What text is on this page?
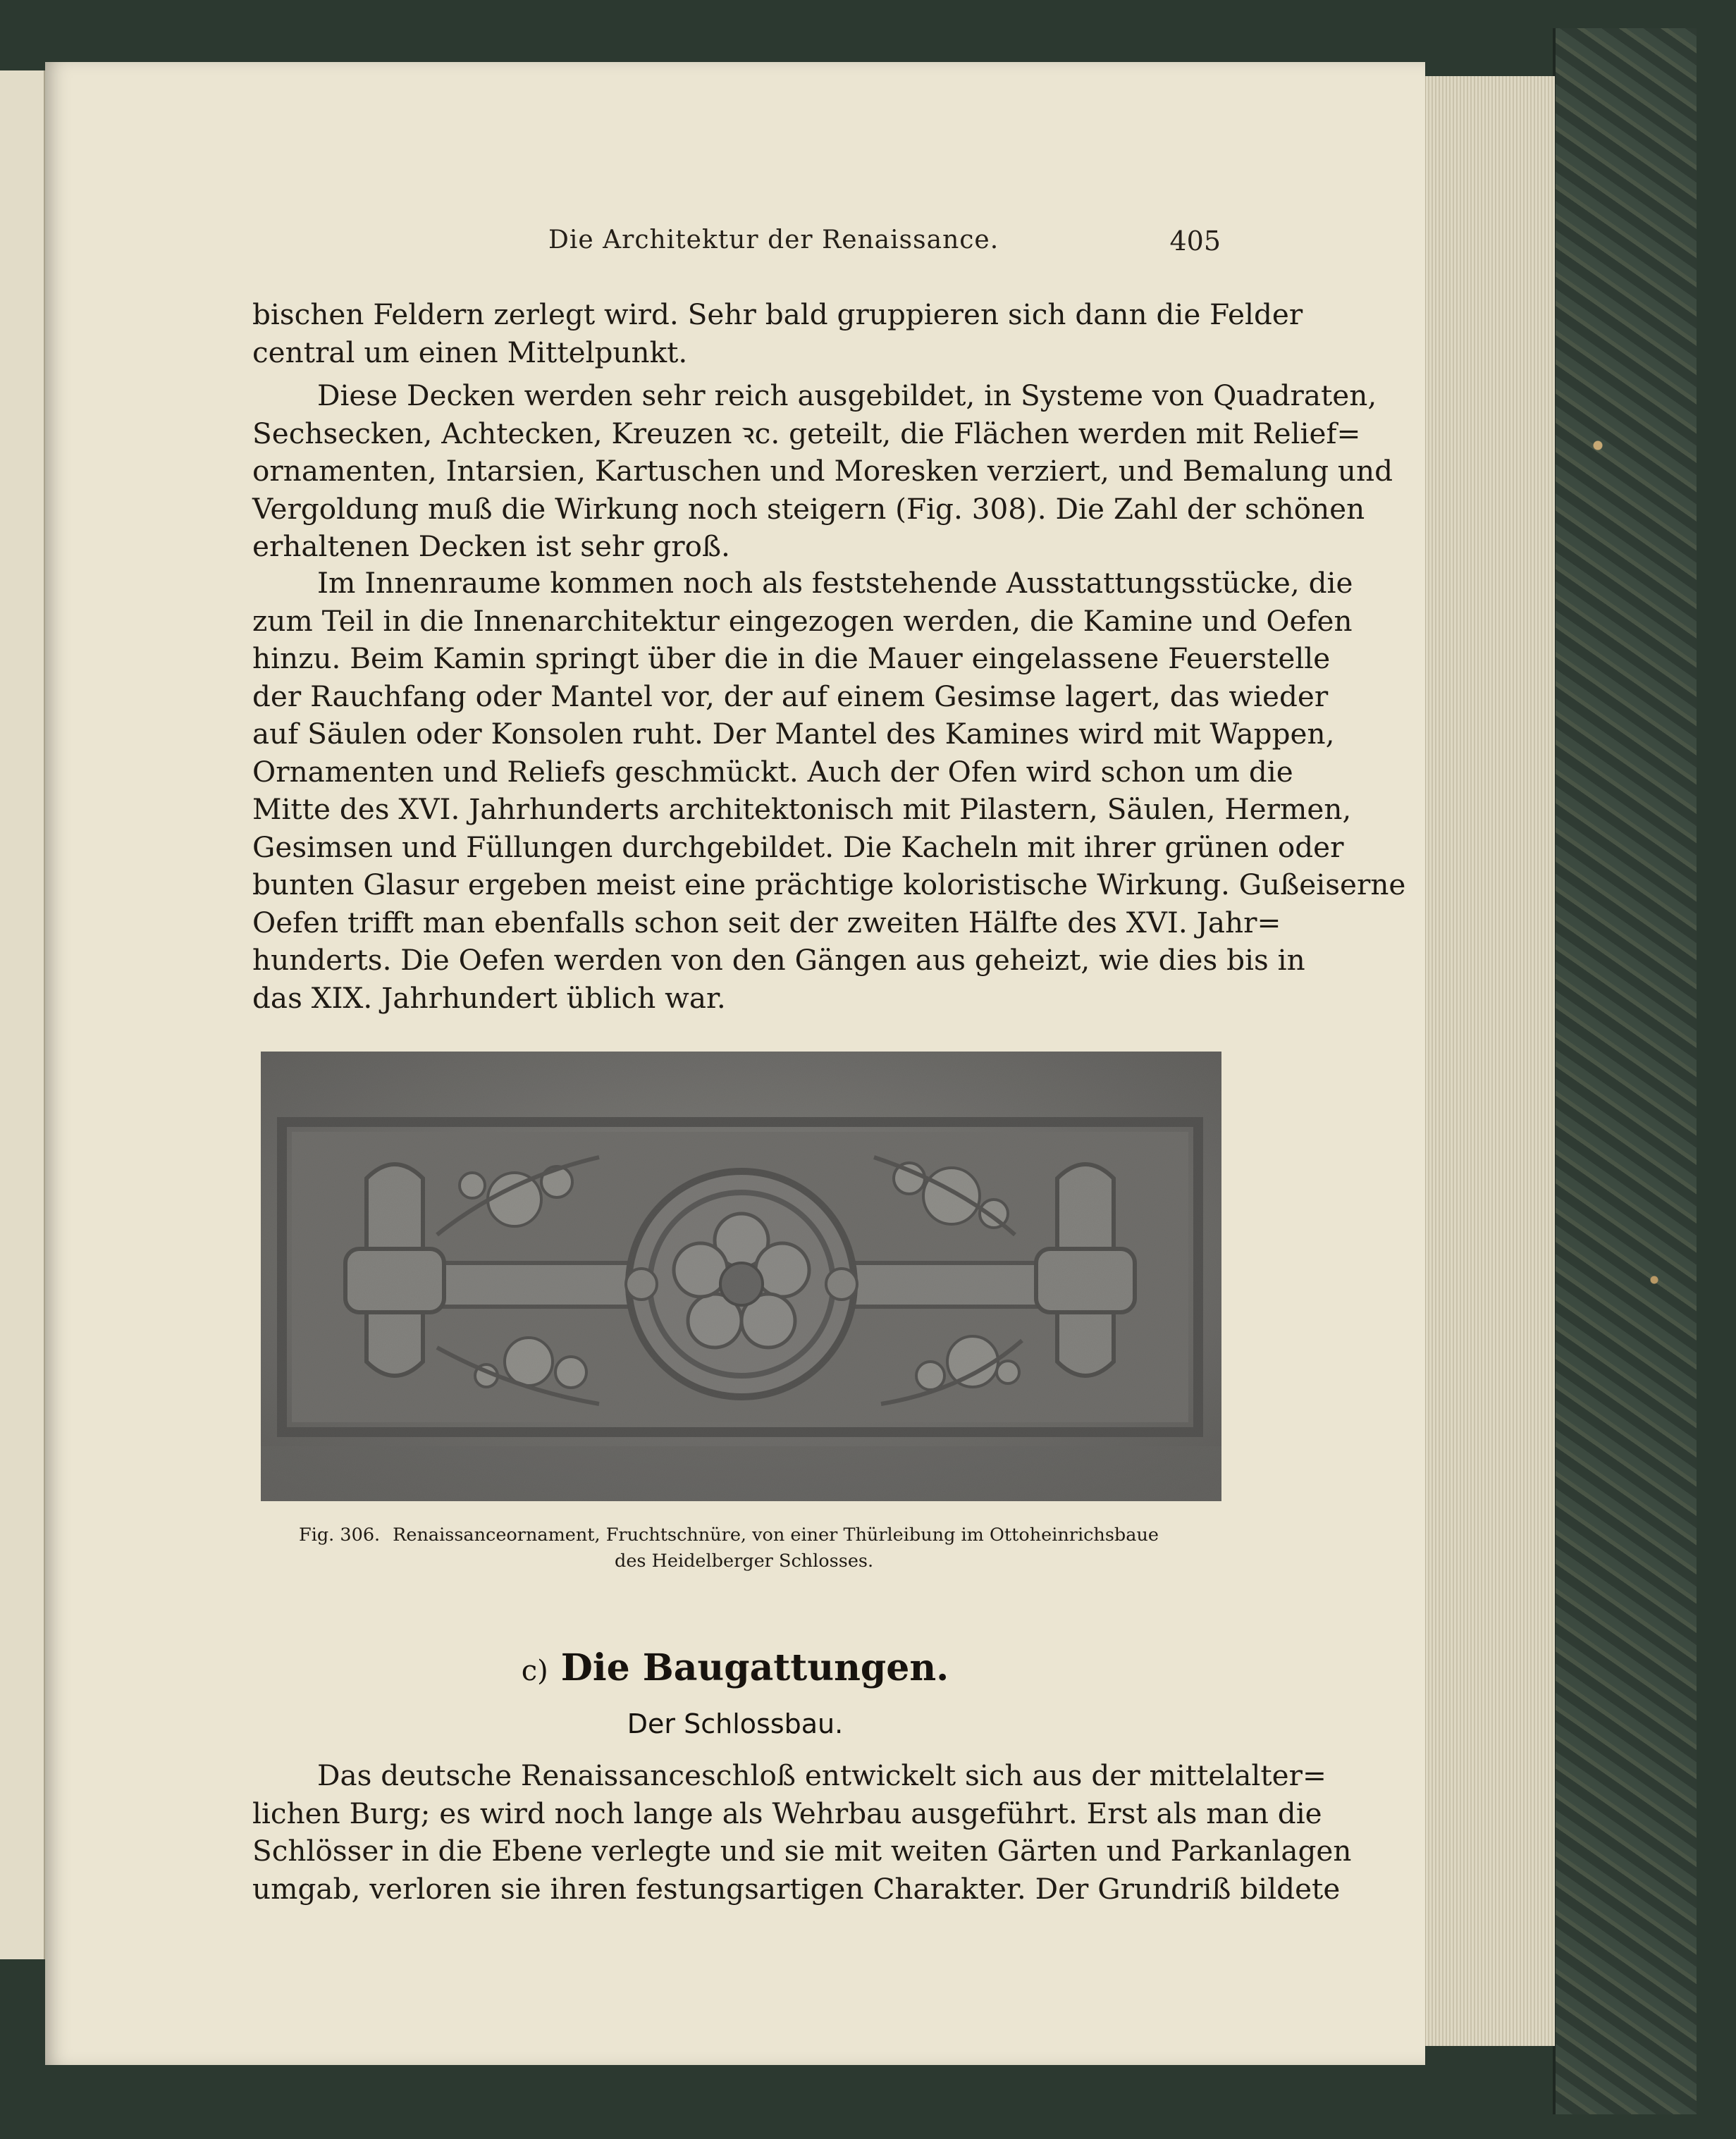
Die Architektur der Renaissance.	405
bischen Feldern zerlegt wird. Sehr bald gruppieren sich dann die Felder
central um einen Mittelpunkt.
Diese Decken werden sehr reich ausgebildet, in Systeme von Quadraten,
Sechsecken, Achtecken, Kreuzen ꝛc. geteilt, die Flächen werden mit Relief=
ornamenten, Intarsien, Kartuschen und Moresken verziert, und Bemalung und
Vergoldung muß die Wirkung noch steigern (Fig. 308). Die Zahl der schönen
erhaltenen Decken ist sehr groß.
Im Innenraume kommen noch als feststehende Ausstattungsstücke, die
zum Teil in die Innenarchitektur eingezogen werden, die Kamine und Oefen
hinzu. Beim Kamin springt über die in die Mauer eingelassene Feuerstelle
der Rauchfang oder Mantel vor, der auf einem Gesimse lagert, das wieder
auf Säulen oder Konsolen ruht. Der Mantel des Kamines wird mit Wappen,
Ornamenten und Reliefs geschmückt. Auch der Ofen wird schon um die
Mitte des XVI. Jahrhunderts architektonisch mit Pilastern, Säulen, Hermen,
Gesimsen und Füllungen durchgebildet. Die Kacheln mit ihrer grünen oder
bunten Glasur ergeben meist eine prächtige koloristische Wirkung. Gußeiserne
Oefen trifft man ebenfalls schon seit der zweiten Hälfte des XVI. Jahr=
hunderts. Die Oefen werden von den Gängen aus geheizt, wie dies bis in
das XIX. Jahrhundert üblich war.
Fig. 306. Renaissanceornament, Fruchtschnüre, von einer Thürleibung im Ottoheinrichsbaue
des Heidelberger Schlosses.
c) Die Baugattungen.
Der Schlossbau.
Das deutsche Renaissanceschloß entwickelt sich aus der mittelalter=
lichen Burg; es wird noch lange als Wehrbau ausgeführt. Erst als man die
Schlösser in die Ebene verlegte und sie mit weiten Gärten und Parkanlagen
umgab, verloren sie ihren festungsartigen Charakter. Der Grundriß bildete
